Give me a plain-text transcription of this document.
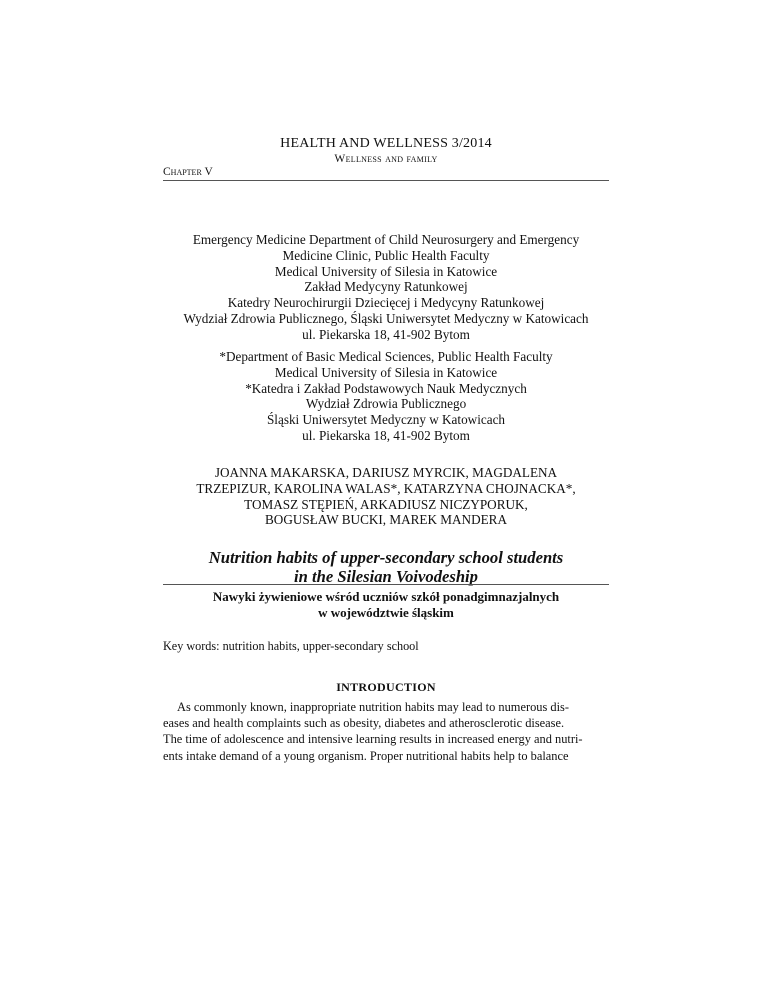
HEALTH AND WELLNESS 3/2014
Wellness and family
Chapter V
Emergency Medicine Department of Child Neurosurgery and Emergency
Medicine Clinic, Public Health Faculty
Medical University of Silesia in Katowice
Zakład Medycyny Ratunkowej
Katedry Neurochirurgii Dziecięcej i Medycyny Ratunkowej
Wydział Zdrowia Publicznego, Śląski Uniwersytet Medyczny w Katowicach
ul. Piekarska 18, 41-902 Bytom
*Department of Basic Medical Sciences, Public Health Faculty
Medical University of Silesia in Katowice
*Katedra i Zakład Podstawowych Nauk Medycznych
Wydział Zdrowia Publicznego
Śląski Uniwersytet Medyczny w Katowicach
ul. Piekarska 18, 41-902 Bytom
JOANNA MAKARSKA, DARIUSZ MYRCIK, MAGDALENA
TRZEPIZUR, KAROLINA WALAS*, KATARZYNA CHOJNACKA*,
TOMASZ STĘPIEŃ, ARKADIUSZ NICZYPORUK,
BOGUSŁAW BUCKI, MAREK MANDERA
Nutrition habits of upper-secondary school students
in the Silesian Voivodeship
Nawyki żywieniowe wśród uczniów szkół ponadgimnazjalnych
w województwie śląskim
Key words: nutrition habits, upper-secondary school
INTRODUCTION
As commonly known, inappropriate nutrition habits may lead to numerous dis-
eases and health complaints such as obesity, diabetes and atherosclerotic disease.
The time of adolescence and intensive learning results in increased energy and nutri-
ents intake demand of a young organism. Proper nutritional habits help to balance
